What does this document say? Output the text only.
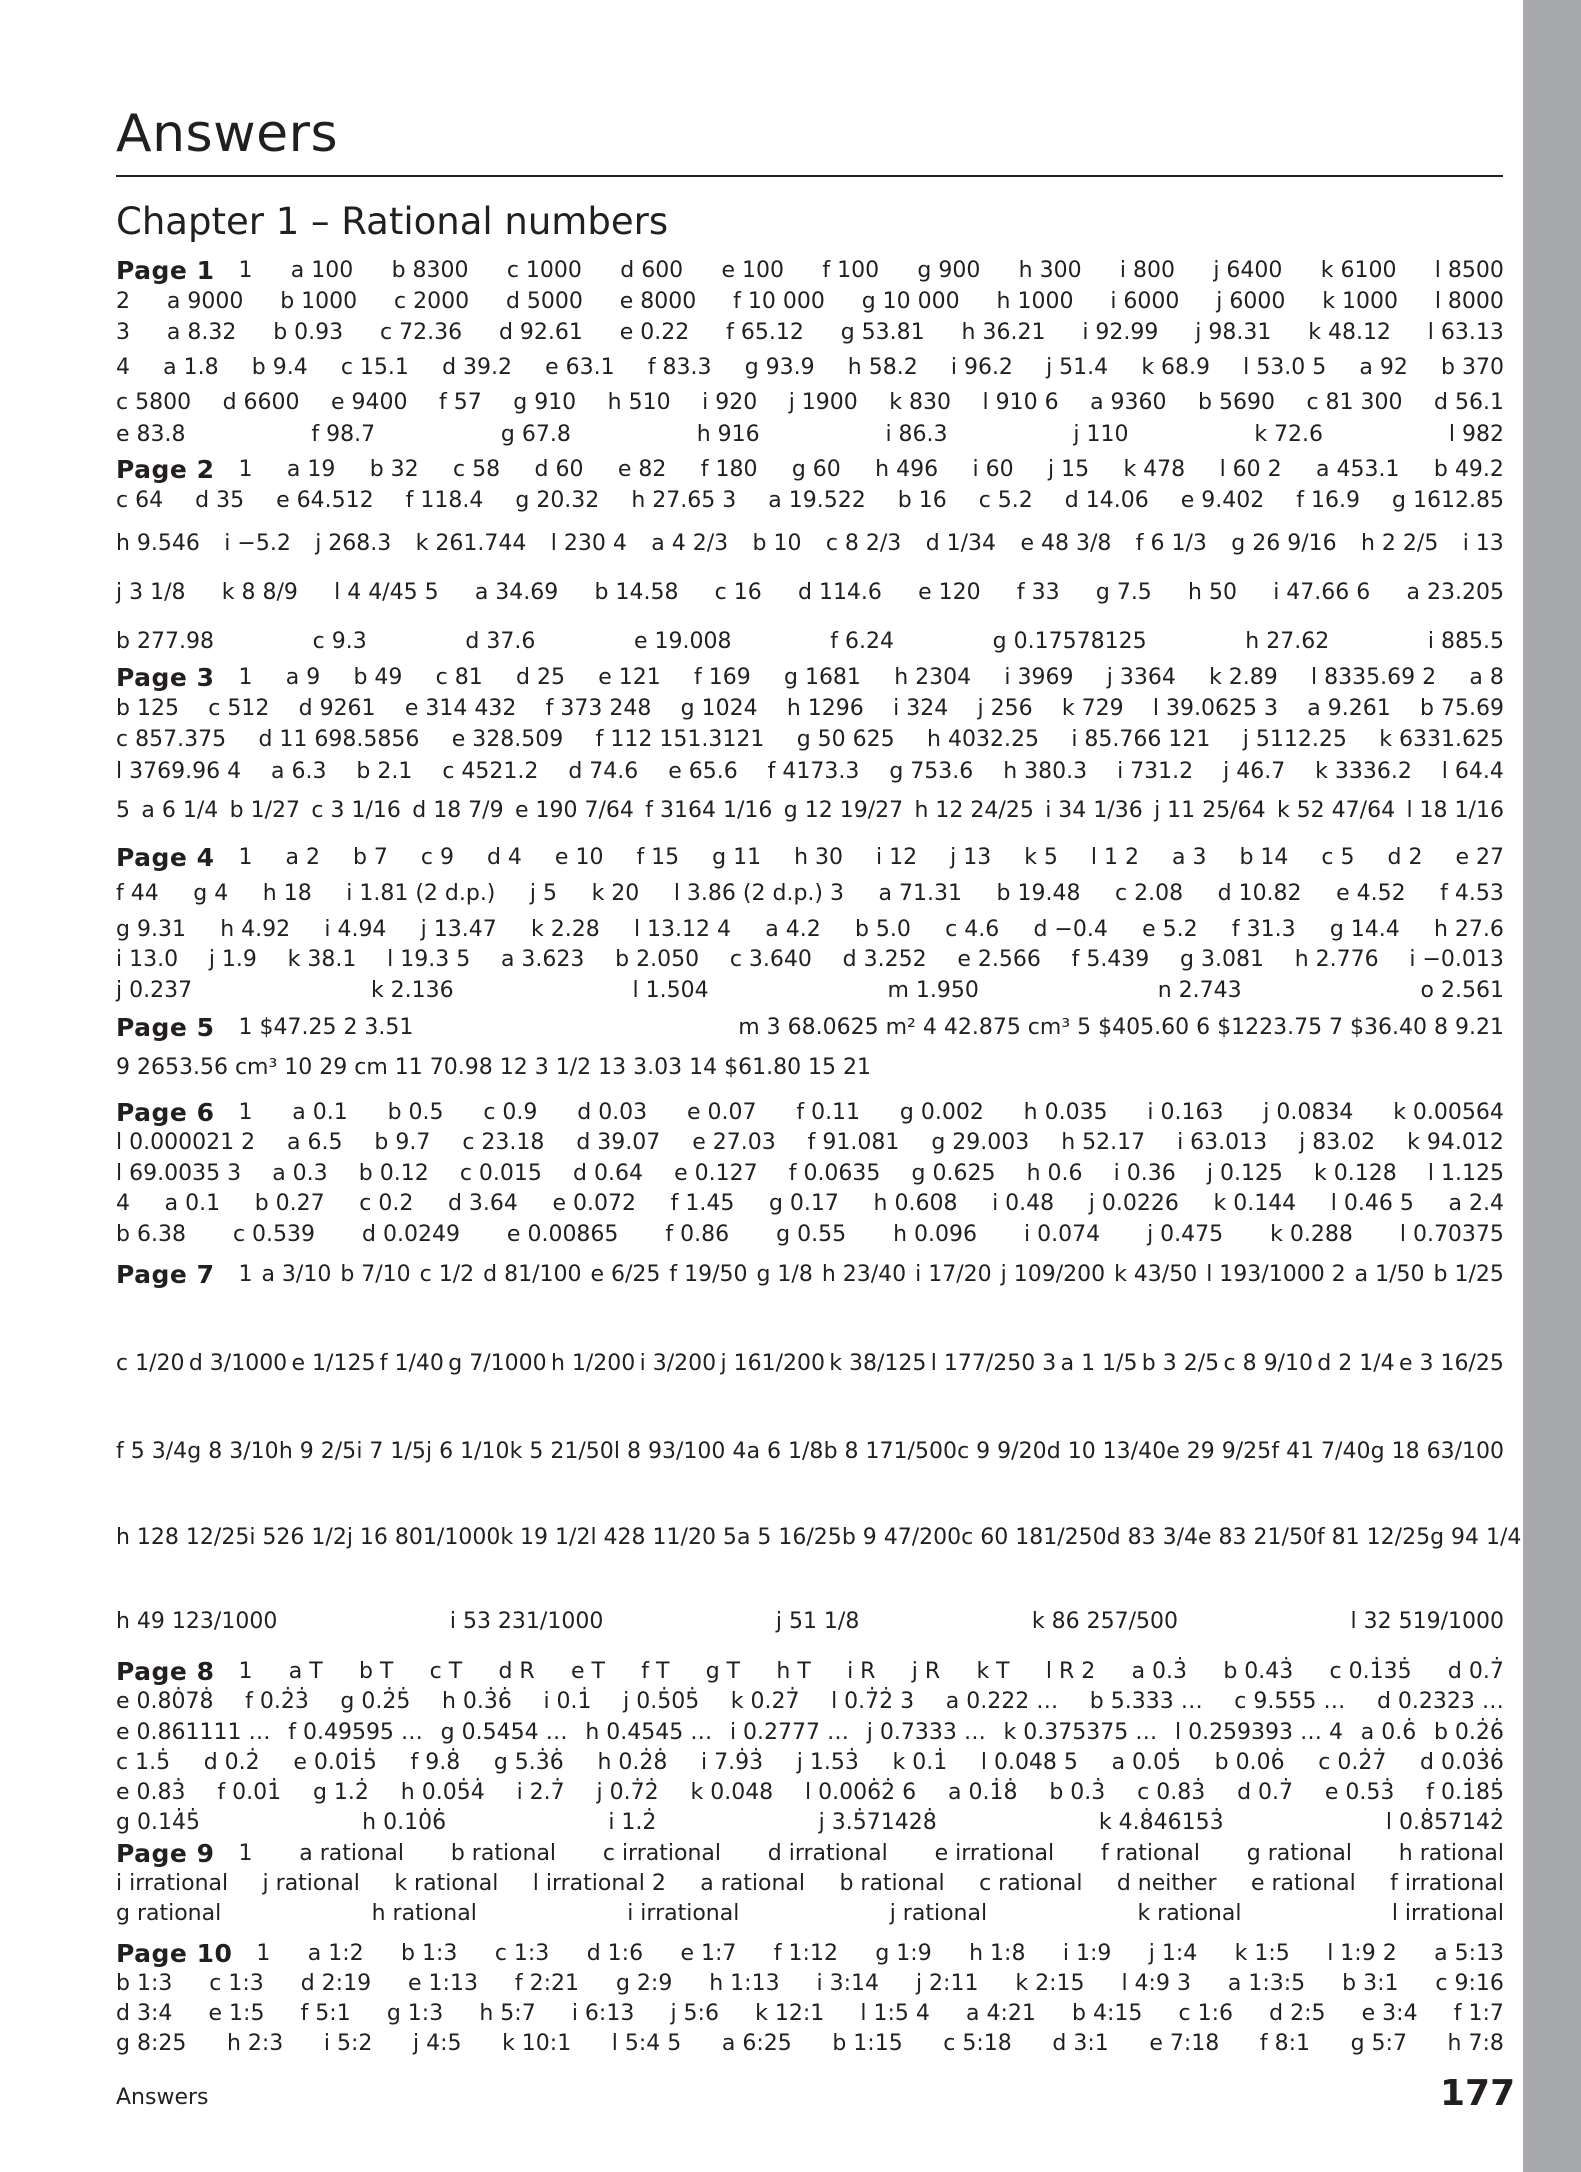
Answers
Chapter 1 – Rational numbers
Page 1 1 a 100 b 8300 c 1000 d 600 e 100 f 100 g 900 h 300 i 800 j 6400 k 6100 l 8500
2 a 9000 b 1000 c 2000 d 5000 e 8000 f 10 000 g 10 000 h 1000 i 6000 j 6000 k 1000 l 8000
3 a 8.32 b 0.93 c 72.36 d 92.61 e 0.22 f 65.12 g 53.81 h 36.21 i 92.99 j 98.31 k 48.12 l 63.13
4 a 1.8 b 9.4 c 15.1 d 39.2 e 63.1 f 83.3 g 93.9 h 58.2 i 96.2 j 51.4 k 68.9 l 53.0 5 a 92 b 370
c 5800 d 6600 e 9400 f 57 g 910 h 510 i 920 j 1900 k 830 l 910 6 a 9360 b 5690 c 81 300 d 56.1
e 83.8	f 98.7	g 67.8	h 916	i 86.3	j 110	k 72.6	l 982
Page 2 1 a 19 b 32 c 58 d 60 e 82 f 180 g 60 h 496 i 60 j 15 k 478 l 60 2 a 453.1 b 49.2
c 64 d 35 e 64.512 f 118.4 g 20.32 h 27.65 3 a 19.522 b 16 c 5.2 d 14.06 e 9.402 f 16.9 g 1612.85
h 9.546 i −5.2 j 268.3 k 261.744 l 230 4 a 4 2/3 b 10 c 8 2/3 d 1/34 e 48 3/8 f 6 1/3 g 26 9/16 h 2 2/5 i 13
j 3 1/8 k 8 8/9 l 4 4/45 5 a 34.69 b 14.58 c 16 d 114.6 e 120 f 33 g 7.5 h 50 i 47.66 6 a 23.205
b 277.98	c 9.3	d 37.6	e 19.008	f 6.24	g 0.17578125	h 27.62	i 885.5
Page 3 1 a 9 b 49 c 81 d 25 e 121 f 169 g 1681 h 2304 i 3969 j 3364 k 2.89 l 8335.69 2 a 8
b 125 c 512 d 9261 e 314 432 f 373 248 g 1024 h 1296 i 324 j 256 k 729 l 39.0625 3 a 9.261 b 75.69
c 857.375 d 11 698.5856 e 328.509 f 112 151.3121 g 50 625 h 4032.25 i 85.766 121 j 5112.25 k 6331.625
l 3769.96 4 a 6.3 b 2.1 c 4521.2 d 74.6 e 65.6 f 4173.3 g 753.6 h 380.3 i 731.2 j 46.7 k 3336.2 l 64.4
5 a 6 1/4 b 1/27 c 3 1/16 d 18 7/9 e 190 7/64 f 3164 1/16 g 12 19/27 h 12 24/25 i 34 1/36 j 11 25/64 k 52 47/64 l 18 1/16
Page 4 1 a 2 b 7 c 9 d 4 e 10 f 15 g 11 h 30 i 12 j 13 k 5 l 1 2 a 3 b 14 c 5 d 2 e 27
f 44 g 4 h 18 i 1.81 (2 d.p.) j 5 k 20 l 3.86 (2 d.p.) 3 a 71.31 b 19.48 c 2.08 d 10.82 e 4.52 f 4.53
g 9.31 h 4.92 i 4.94 j 13.47 k 2.28 l 13.12 4 a 4.2 b 5.0 c 4.6 d −0.4 e 5.2 f 31.3 g 14.4 h 27.6
i 13.0 j 1.9 k 38.1 l 19.3 5 a 3.623 b 2.050 c 3.640 d 3.252 e 2.566 f 5.439 g 3.081 h 2.776 i −0.013
j 0.237	k 2.136	l 1.504	m 1.950	n 2.743	o 2.561
Page 5 1 $47.25 2 3.51	m 3 68.0625 m² 4 42.875 cm³ 5 $405.60 6 $1223.75 7 $36.40 8 9.21
9 2653.56 cm³ 10 29 cm 11 70.98 12 3 1/2 13 3.03 14 $61.80 15 21
Page 6 1 a 0.1 b 0.5 c 0.9 d 0.03 e 0.07 f 0.11 g 0.002 h 0.035 i 0.163 j 0.0834 k 0.00564
l 0.000021 2 a 6.5 b 9.7 c 23.18 d 39.07 e 27.03 f 91.081 g 29.003 h 52.17 i 63.013 j 83.02 k 94.012
l 69.0035 3 a 0.3 b 0.12 c 0.015 d 0.64 e 0.127 f 0.0635 g 0.625 h 0.6 i 0.36 j 0.125 k 0.128 l 1.125
4 a 0.1 b 0.27 c 0.2 d 3.64 e 0.072 f 1.45 g 0.17 h 0.608 i 0.48 j 0.0226 k 0.144 l 0.46 5 a 2.4
b 6.38 c 0.539 d 0.0249 e 0.00865 f 0.86 g 0.55 h 0.096 i 0.074 j 0.475 k 0.288 l 0.70375
Page 7 1 a 3/10 b 7/10 c 1/2 d 81/100 e 6/25 f 19/50 g 1/8 h 23/40 i 17/20 j 109/200 k 43/50 l 193/1000 2 a 1/50 b 1/25
c 1/20 d 3/1000 e 1/125 f 1/40 g 7/1000 h 1/200 i 3/200 j 161/200 k 38/125 l 177/250 3 a 1 1/5 b 3 2/5 c 8 9/10 d 2 1/4 e 3 16/25
f 5 3/4 g 8 3/10 h 9 2/5 i 7 1/5 j 6 1/10 k 5 21/50 l 8 93/100 4 a 6 1/8 b 8 171/500 c 9 9/20 d 10 13/40 e 29 9/25 f 41 7/40 g 18 63/100
h 128 12/25 i 526 1/2 j 16 801/1000 k 19 1/2 l 428 11/20 5 a 5 16/25 b 9 47/200 c 60 181/250 d 83 3/4 e 83 21/50 f 81 12/25 g 94 1/4
h 49 123/1000	i 53 231/1000	j 51 1/8	k 86 257/500	l 32 519/1000
Page 8 1 a T b T c T d R e T f T g T h T i R j R k T l R 2 a 0.3̇ b 0.43̇ c 0.1̇35̇ d 0.7̇
e 0.80̇78̇ f 0.2̇3̇ g 0.2̇5̇ h 0.3̇6̇ i 0.1̇ j 0.5̇05̇ k 0.27̇ l 0.7̇2̇ 3 a 0.222 … b 5.333 … c 9.555 … d 0.2323 …
e 0.861111 … f 0.49595 … g 0.5454 … h 0.4545 … i 0.2777 … j 0.7333 … k 0.375375 … l 0.259393 … 4 a 0.6̇ b 0.2̇6̇
c 1.5̇ d 0.2̇ e 0.01̇5̇ f 9.8̇ g 5.3̇6̇ h 0.2̇8̇ i 7.9̇3̇ j 1.53̇ k 0.1̇ l 0.048 5 a 0.05̇ b 0.06̇ c 0.2̇7̇ d 0.03̇6̇
e 0.83̇ f 0.01̇ g 1.2̇ h 0.05̇4̇ i 2.7̇ j 0.7̇2̇ k 0.048 l 0.006̇2̇ 6 a 0.1̇8̇ b 0.3̇ c 0.83̇ d 0.7̇ e 0.53̇ f 0.1̇85̇
g 0.14̇5̇	h 0.10̇6̇	i 1.2̇	j 3.5̇71428̇	k 4.8̇46153̇	l 0.8̇57142̇
Page 9 1 a rational b rational c irrational d irrational e irrational f rational g rational h rational
i irrational j rational k rational l irrational 2 a rational b rational c rational d neither e rational f irrational
g rational	h rational	i irrational	j rational	k rational	l irrational
Page 10 1 a 1:2 b 1:3 c 1:3 d 1:6 e 1:7 f 1:12 g 1:9 h 1:8 i 1:9 j 1:4 k 1:5 l 1:9 2 a 5:13
b 1:3 c 1:3 d 2:19 e 1:13 f 2:21 g 2:9 h 1:13 i 3:14 j 2:11 k 2:15 l 4:9 3 a 1:3:5 b 3:1 c 9:16
d 3:4 e 1:5 f 5:1 g 1:3 h 5:7 i 6:13 j 5:6 k 12:1 l 1:5 4 a 4:21 b 4:15 c 1:6 d 2:5 e 3:4 f 1:7
g 8:25 h 2:3 i 5:2 j 4:5 k 10:1 l 5:4 5 a 6:25 b 1:15 c 5:18 d 3:1 e 7:18 f 8:1 g 5:7 h 7:8
Answers	177
